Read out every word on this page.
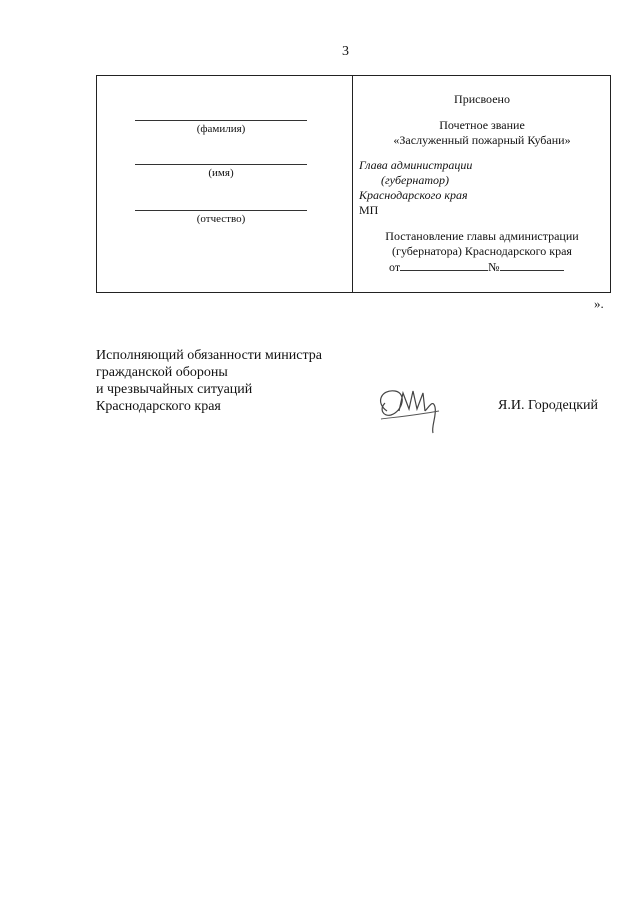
3
(фамилия)
(имя)
(отчество)
Присвоено
Почетное звание
«Заслуженный пожарный Кубани»
Глава администрации
(губернатор)
Краснодарского края
МП
Постановление главы администрации
(губернатора) Краснодарского края
от	№
».
Исполняющий обязанности министра
гражданской обороны
и чрезвычайных ситуаций
Краснодарского края	Я.И. Городецкий
